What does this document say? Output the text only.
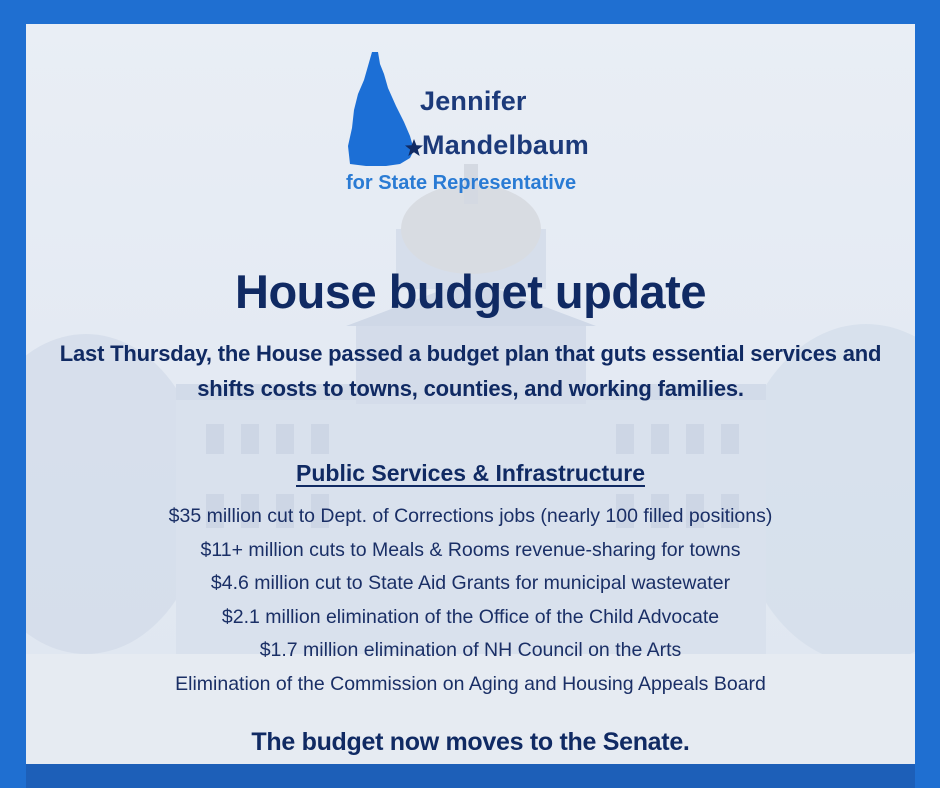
Jennifer
Mandelbaum
for State Representative
House budget update
Last Thursday, the House passed a budget plan that guts essential services and shifts costs to towns, counties, and working families.
Public Services & Infrastructure
$35 million cut to Dept. of Corrections jobs (nearly 100 filled positions)
$11+ million cuts to Meals & Rooms revenue-sharing for towns
$4.6 million cut to State Aid Grants for municipal wastewater
$2.1 million elimination of the Office of the Child Advocate
$1.7 million elimination of NH Council on the Arts
Elimination of the Commission on Aging and Housing Appeals Board
The budget now moves to the Senate.
